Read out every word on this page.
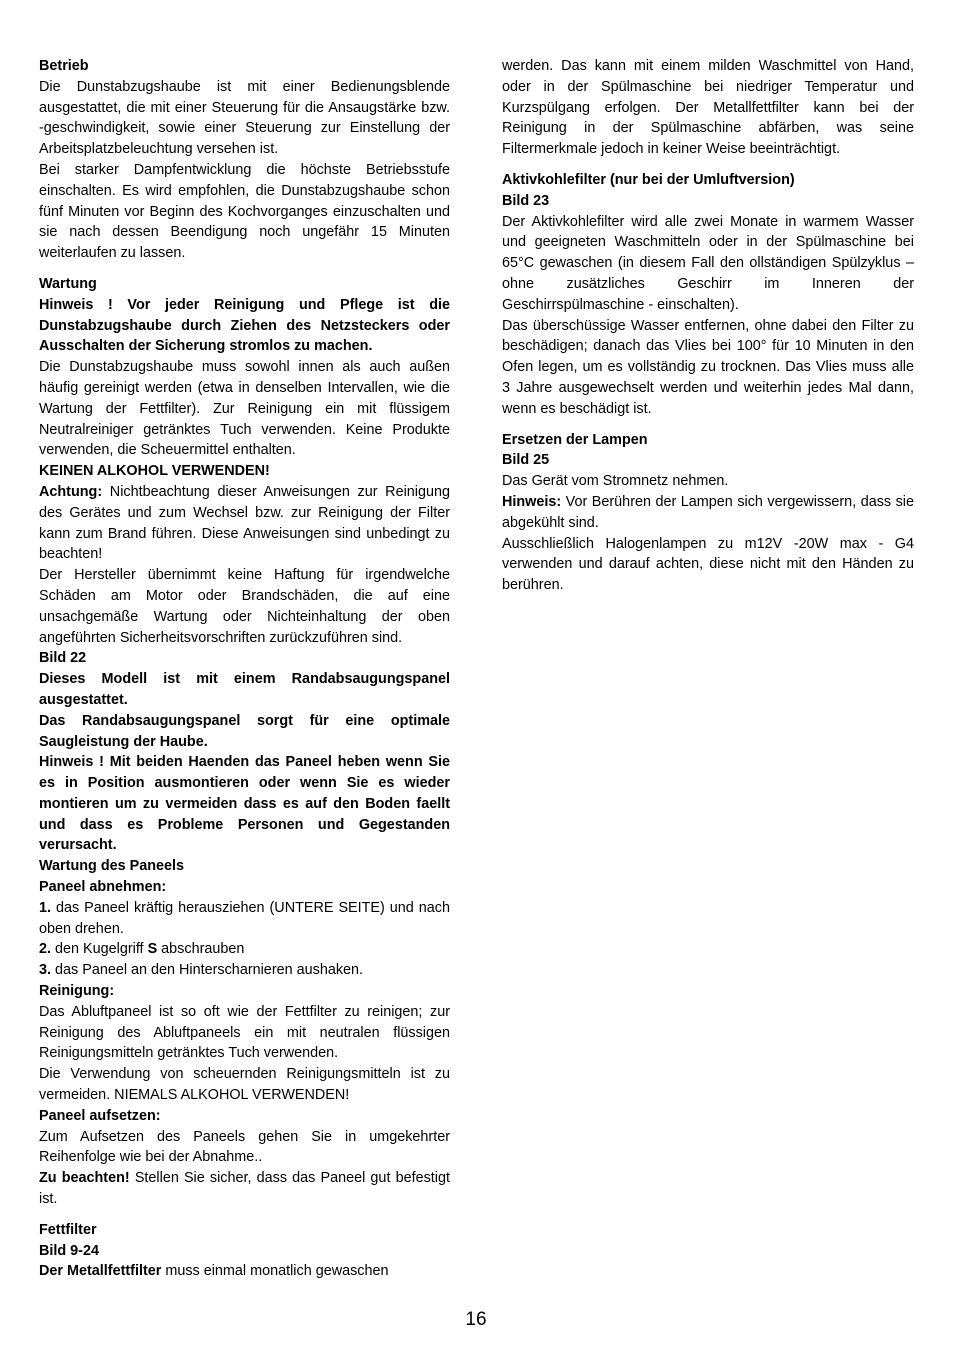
Betrieb

Die Dunstabzugshaube ist mit einer Bedienungsblende ausgestattet, die mit einer Steuerung für die Ansaugstärke bzw. -geschwindigkeit, sowie einer Steuerung zur Einstellung der Arbeitsplatzbeleuchtung versehen ist.

Bei starker Dampfentwicklung die höchste Betriebsstufe einschalten. Es wird empfohlen, die Dunstabzugshaube schon fünf Minuten vor Beginn des Kochvorganges einzuschalten und sie nach dessen Beendigung noch ungefähr 15 Minuten weiterlaufen zu lassen.

Wartung

Hinweis ! Vor jeder Reinigung und Pflege ist die Dunstabzugshaube durch Ziehen des Netzsteckers oder Ausschalten der Sicherung stromlos zu machen.

Die Dunstabzugshaube muss sowohl innen als auch außen häufig gereinigt werden (etwa in denselben Intervallen, wie die Wartung der Fettfilter). Zur Reinigung ein mit flüssigem Neutralreiniger getränktes Tuch verwenden. Keine Produkte verwenden, die Scheuermittel enthalten.

KEINEN ALKOHOL VERWENDEN!

Achtung: Nichtbeachtung dieser Anweisungen zur Reinigung des Gerätes und zum Wechsel bzw. zur Reinigung der Filter kann zum Brand führen. Diese Anweisungen sind unbedingt zu beachten!

Der Hersteller übernimmt keine Haftung für irgendwelche Schäden am Motor oder Brandschäden, die auf eine unsachgemäße Wartung oder Nichteinhaltung der oben angeführten Sicherheitsvorschriften zurückzuführen sind.

Bild 22

Dieses Modell ist mit einem Randabsaugungspanel ausgestattet.

Das Randabsaugungspanel sorgt für eine optimale Saugleistung der Haube.

Hinweis ! Mit beiden Haenden das Paneel heben wenn Sie es in Position ausmontieren oder wenn Sie es wieder montieren um zu vermeiden dass es auf den Boden faellt und dass es Probleme Personen und Gegestanden verursacht.

Wartung des Paneels

Paneel abnehmen:

1. das Paneel kräftig herausziehen (UNTERE SEITE) und nach oben drehen.

2. den Kugelgriff S abschrauben

3. das Paneel an den Hinterscharnieren aushaken.

Reinigung:

Das Abluftpaneel ist so oft wie der Fettfilter zu reinigen; zur Reinigung des Abluftpaneels ein mit neutralen flüssigen Reinigungsmitteln getränktes Tuch verwenden.

Die Verwendung von scheuernden Reinigungsmitteln ist zu vermeiden. NIEMALS ALKOHOL VERWENDEN!

Paneel aufsetzen:

Zum Aufsetzen des Paneels gehen Sie in umgekehrter Reihenfolge wie bei der Abnahme..

Zu beachten! Stellen Sie sicher, dass das Paneel gut befestigt ist.

Fettfilter

Bild 9-24

Der Metallfettfilter muss einmal monatlich gewaschen

werden. Das kann mit einem milden Waschmittel von Hand, oder in der Spülmaschine bei niedriger Temperatur und Kurzspülgang erfolgen. Der Metallfettfilter kann bei der Reinigung in der Spülmaschine abfärben, was seine Filtermerkmale jedoch in keiner Weise beeinträchtigt.

Aktivkohlefilter (nur bei der Umluftversion)

Bild 23

Der Aktivkohlefilter wird alle zwei Monate in warmem Wasser und geeigneten Waschmitteln oder in der Spülmaschine bei 65°C gewaschen (in diesem Fall den ollständigen Spülzyklus – ohne zusätzliches Geschirr im Inneren der Geschirrspülmaschine - einschalten).

Das überschüssige Wasser entfernen, ohne dabei den Filter zu beschädigen; danach das Vlies bei 100° für 10 Minuten in den Ofen legen, um es vollständig zu trocknen. Das Vlies muss alle 3 Jahre ausgewechselt werden und weiterhin jedes Mal dann, wenn es beschädigt ist.

Ersetzen der Lampen

Bild 25

Das Gerät vom Stromnetz nehmen.

Hinweis: Vor Berühren der Lampen sich vergewissern, dass sie abgekühlt sind.

Ausschließlich Halogenlampen zu m12V -20W max - G4 verwenden und darauf achten, diese nicht mit den Händen zu berühren.

16
